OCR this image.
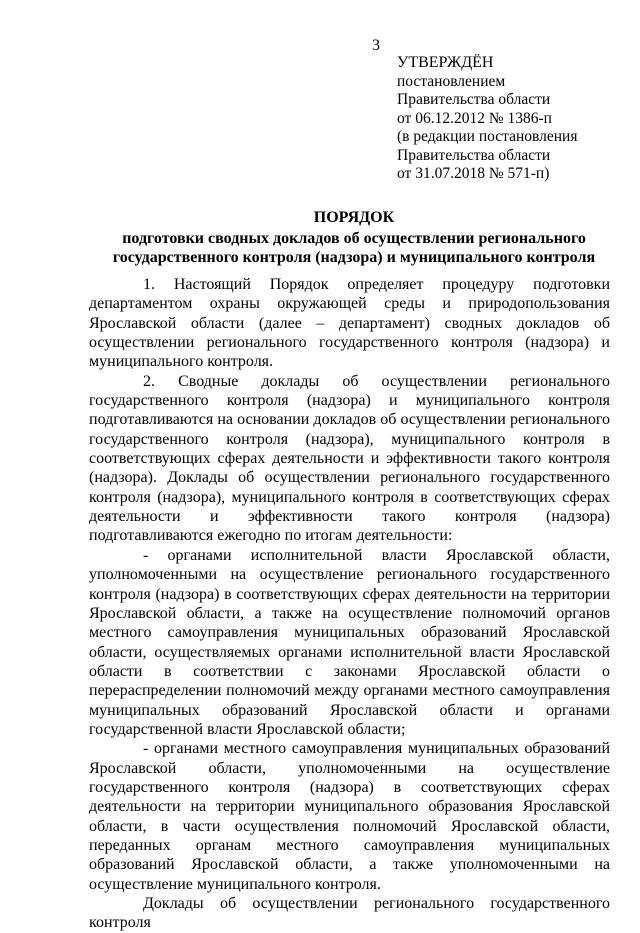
3
УТВЕРЖДЁН
постановлением
Правительства области
от 06.12.2012 № 1386-п
(в редакции постановления
Правительства области
от 31.07.2018 № 571-п)
ПОРЯДОК
подготовки сводных докладов об осуществлении регионального
государственного контроля (надзора) и муниципального контроля

1. Настоящий Порядок определяет процедуру подготовки департаментом охраны окружающей среды и природопользования Ярославской области (далее – департамент) сводных докладов об осуществлении регионального государственного контроля (надзора) и муниципального контроля.

2. Сводные доклады об осуществлении регионального государственного контроля (надзора) и муниципального контроля подготавливаются на основании докладов об осуществлении регионального государственного контроля (надзора), муниципального контроля в соответствующих сферах деятельности и эффективности такого контроля (надзора). Доклады об осуществлении регионального государственного контроля (надзора), муниципального контроля в соответствующих сферах деятельности и эффективности такого контроля (надзора) подготавливаются ежегодно по итогам деятельности:

- органами исполнительной власти Ярославской области, уполномоченными на осуществление регионального государственного контроля (надзора) в соответствующих сферах деятельности на территории Ярославской области, а также на осуществление полномочий органов местного самоуправления муниципальных образований Ярославской области, осуществляемых органами исполнительной власти Ярославской области в соответствии с законами Ярославской области о перераспределении полномочий между органами местного самоуправления муниципальных образований Ярославской области и органами государственной власти Ярославской области;

- органами местного самоуправления муниципальных образований Ярославской области, уполномоченными на осуществление государственного контроля (надзора) в соответствующих сферах деятельности на территории муниципального образования Ярославской области, в части осуществления полномочий Ярославской области, переданных органам местного самоуправления муниципальных образований Ярославской области, а также уполномоченными на осуществление муниципального контроля.

Доклады об осуществлении регионального государственного контроля
